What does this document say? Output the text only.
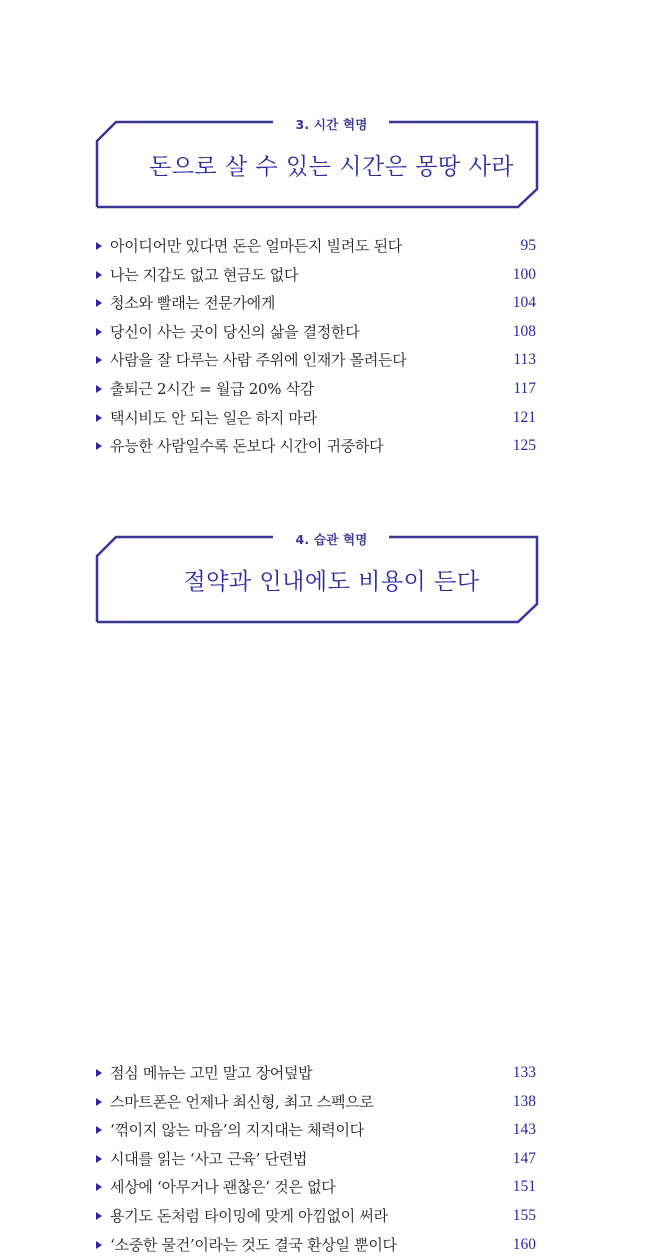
3. 시간 혁명
돈으로 살 수 있는 시간은 몽땅 사라
아이디어만 있다면 돈은 얼마든지 빌려도 된다	95
나는 지갑도 없고 현금도 없다	100
청소와 빨래는 전문가에게	104
당신이 사는 곳이 당신의 삶을 결정한다	108
사람을 잘 다루는 사람 주위에 인재가 몰려든다	113
출퇴근 2시간 = 월급 20% 삭감	117
택시비도 안 되는 일은 하지 마라	121
유능한 사람일수록 돈보다 시간이 귀중하다	125
4. 습관 혁명
절약과 인내에도 비용이 든다
점심 메뉴는 고민 말고 장어덮밥	133
스마트폰은 언제나 최신형, 최고 스펙으로	138
‘꺾이지 않는 마음’의 지지대는 체력이다	143
시대를 읽는 ‘사고 근육’ 단련법	147
세상에 ‘아무거나 괜찮은’ 것은 없다	151
용기도 돈처럼 타이밍에 맞게 아낌없이 써라	155
‘소중한 물건’이라는 것도 결국 환상일 뿐이다	160
